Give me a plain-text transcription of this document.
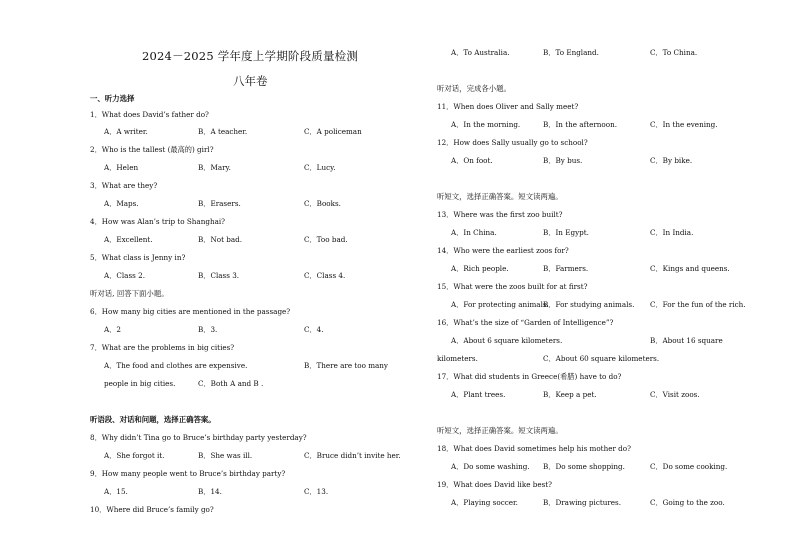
2024－2025 学年度上学期阶段质量检测
八年卷
一、听力选择
1．What does David’s father do?
A．A writer.	B．A teacher.	C．A policeman
2．Who is the tallest (最高的) girl?
A．Helen	B．Mary.	C．Lucy.
3．What are they?
A．Maps.	B．Erasers.	C．Books.
4．How was Alan’s trip to Shanghai?
A．Excellent.	B．Not bad.	C．Too bad.
5．What class is Jenny in?
A．Class 2.	B．Class 3.	C．Class 4.
听对话, 回答下面小题。
6．How many big cities are mentioned in the passage?
A．2	B．3.	C．4.
7．What are the problems in big cities?
A．The food and clothes are expensive.	B．There are too many
people in big cities.	C．Both A and B .
听语段、对话和问题，选择正确答案。
8．Why didn’t Tina go to Bruce’s birthday party yesterday?
A．She forgot it.	B．She was ill.	C．Bruce didn’t invite her.
9．How many people went to Bruce’s birthday party?
A．15.	B．14.	C．13.
10．Where did Bruce’s family go?
A．To Australia.	B．To England.	C．To China.
听对话，完成各小题。
11．When does Oliver and Sally meet?
A．In the morning.	B．In the afternoon.	C．In the evening.
12．How does Sally usually go to school?
A．On foot.	B．By bus.	C．By bike.
听短文，选择正确答案。短文读两遍。
13．Where was the first zoo built?
A．In China.	B．In Egypt.	C．In India.
14．Who were the earliest zoos for?
A．Rich people.	B．Farmers.	C．Kings and queens.
15．What were the zoos built for at first?
A．For protecting animals.
B．For studying animals. C．For the fun of the rich.
16．What’s the size of “Garden of Intelligence”?
A．About 6 square kilometers.	B．About 16 square
kilometers.	C．About 60 square kilometers.
17．What did students in Greece(希腊) have to do?
A．Plant trees.	B．Keep a pet.	C．Visit zoos.
听短文，选择正确答案。短文读两遍。
18．What does David sometimes help his mother do?
A．Do some washing. B．Do some shopping.	C．Do some cooking.
19．What does David like best?
A．Playing soccer.	B．Drawing pictures.	C．Going to the zoo.
